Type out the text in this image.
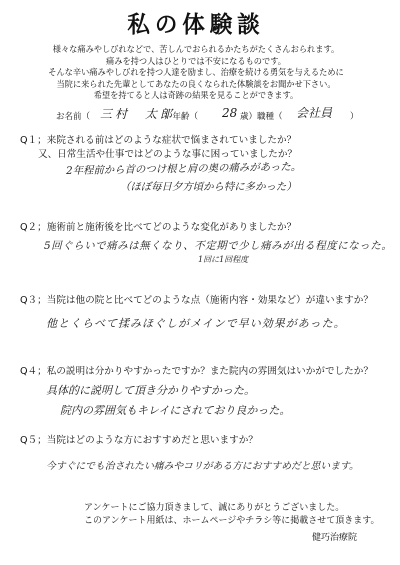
私の体験談
様々な痛みやしびれなどで、苦しんでおられるかたちがたくさんおられます。
痛みを持つ人はひとりでは不安になるものです。
そんな辛い痛みやしびれを持つ人達を励まし、治療を続ける勇気を与えるために
当院に来られた先輩としてあなたの良くなられた体験談をお聞かせ下さい。
希望を持てると人は奇跡の結果を見ることができます。
お名前（ 三村　太郎
）年齢（ 28 歳）職種（ 会社員 ）
Q１；来院される前はどのような症状で悩まされていましたか？
又、日常生活や仕事ではどのような事に困っていましたか？
2年程前から首のつけ根と肩の奥の痛みがあった。
（ほぼ毎日夕方頃から特に多かった）
Q２；施術前と施術後を比べてどのような変化がありましたか？
5回ぐらいで痛みは無くなり、不定期で少し痛みが出る程度になった。
1回に1回程度
Q３；当院は他の院と比べてどのような点（施術内容・効果など）が違いますか？
他とくらべて揉みほぐしがメインで早い効果があった。
Q４；私の説明は分かりやすかったですか？また院内の雰囲気はいかがでしたか？
具体的に説明して頂き分かりやすかった。
院内の雰囲気もキレイにされており良かった。
Q５；当院はどのような方におすすめだと思いますか？
今すぐにでも治されたい痛みやコリがある方におすすめだと思います。
アンケートにご協力頂きまして、誠にありがとうございました。
このアンケート用紙は、ホームページやチラシ等に掲載させて頂きます。
健巧治療院
